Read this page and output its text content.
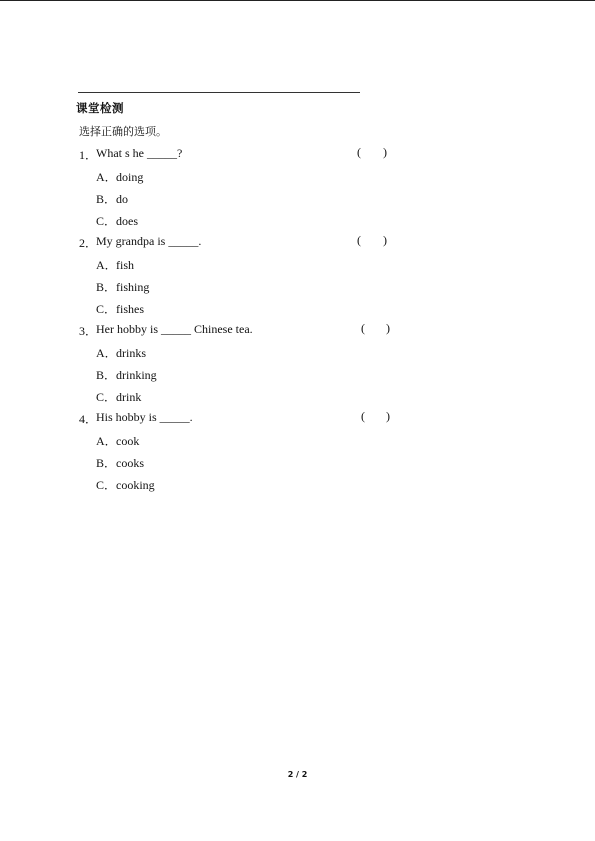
课堂检测
选择正确的选项。
1．
What s he _____?	( )
A．doing
B．do
C．does
2．
My grandpa is _____.	( )
A．fish
B．fishing
C．fishes
3．
Her hobby is _____ Chinese tea.	( )
A．drinks
B．drinking
C．drink
4．
His hobby is _____.	( )
A．cook
B．cooks
C．cooking
2 / 2
